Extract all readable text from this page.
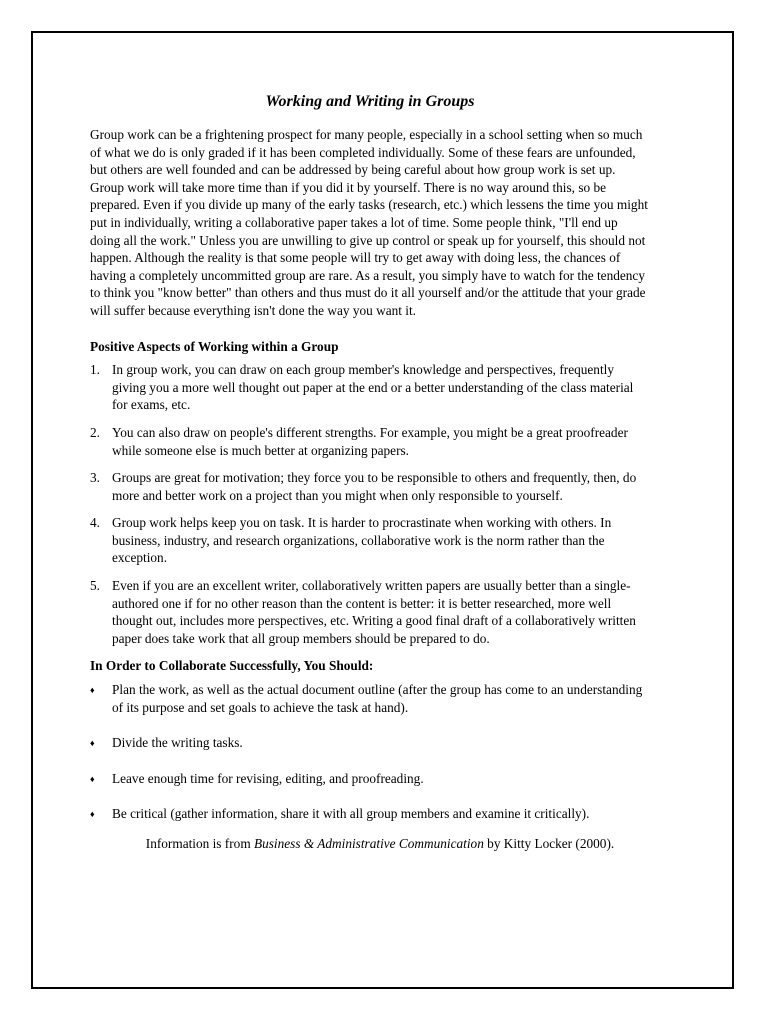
Working and Writing in Groups

Group work can be a frightening prospect for many people, especially in a school setting when so much of what we do is only graded if it has been completed individually. Some of these fears are unfounded, but others are well founded and can be addressed by being careful about how group work is set up. Group work will take more time than if you did it by yourself. There is no way around this, so be prepared. Even if you divide up many of the early tasks (research, etc.) which lessens the time you might put in individually, writing a collaborative paper takes a lot of time. Some people think, "I'll end up doing all the work." Unless you are unwilling to give up control or speak up for yourself, this should not happen. Although the reality is that some people will try to get away with doing less, the chances of having a completely uncommitted group are rare. As a result, you simply have to watch for the tendency to think you "know better" than others and thus must do it all yourself and/or the attitude that your grade will suffer because everything isn't done the way you want it.

Positive Aspects of Working within a Group
1. In group work, you can draw on each group member's knowledge and perspectives, frequently giving you a more well thought out paper at the end or a better understanding of the class material for exams, etc.
2. You can also draw on people's different strengths. For example, you might be a great proofreader while someone else is much better at organizing papers.
3. Groups are great for motivation; they force you to be responsible to others and frequently, then, do more and better work on a project than you might when only responsible to yourself.
4. Group work helps keep you on task. It is harder to procrastinate when working with others. In business, industry, and research organizations, collaborative work is the norm rather than the exception.
5. Even if you are an excellent writer, collaboratively written papers are usually better than a single-authored one if for no other reason than the content is better: it is better researched, more well thought out, includes more perspectives, etc. Writing a good final draft of a collaboratively written paper does take work that all group members should be prepared to do.
In Order to Collaborate Successfully, You Should:
♦ Plan the work, as well as the actual document outline (after the group has come to an understanding of its purpose and set goals to achieve the task at hand).
♦ Divide the writing tasks.
♦ Leave enough time for revising, editing, and proofreading.
♦ Be critical (gather information, share it with all group members and examine it critically).
Information is from Business & Administrative Communication by Kitty Locker (2000).
